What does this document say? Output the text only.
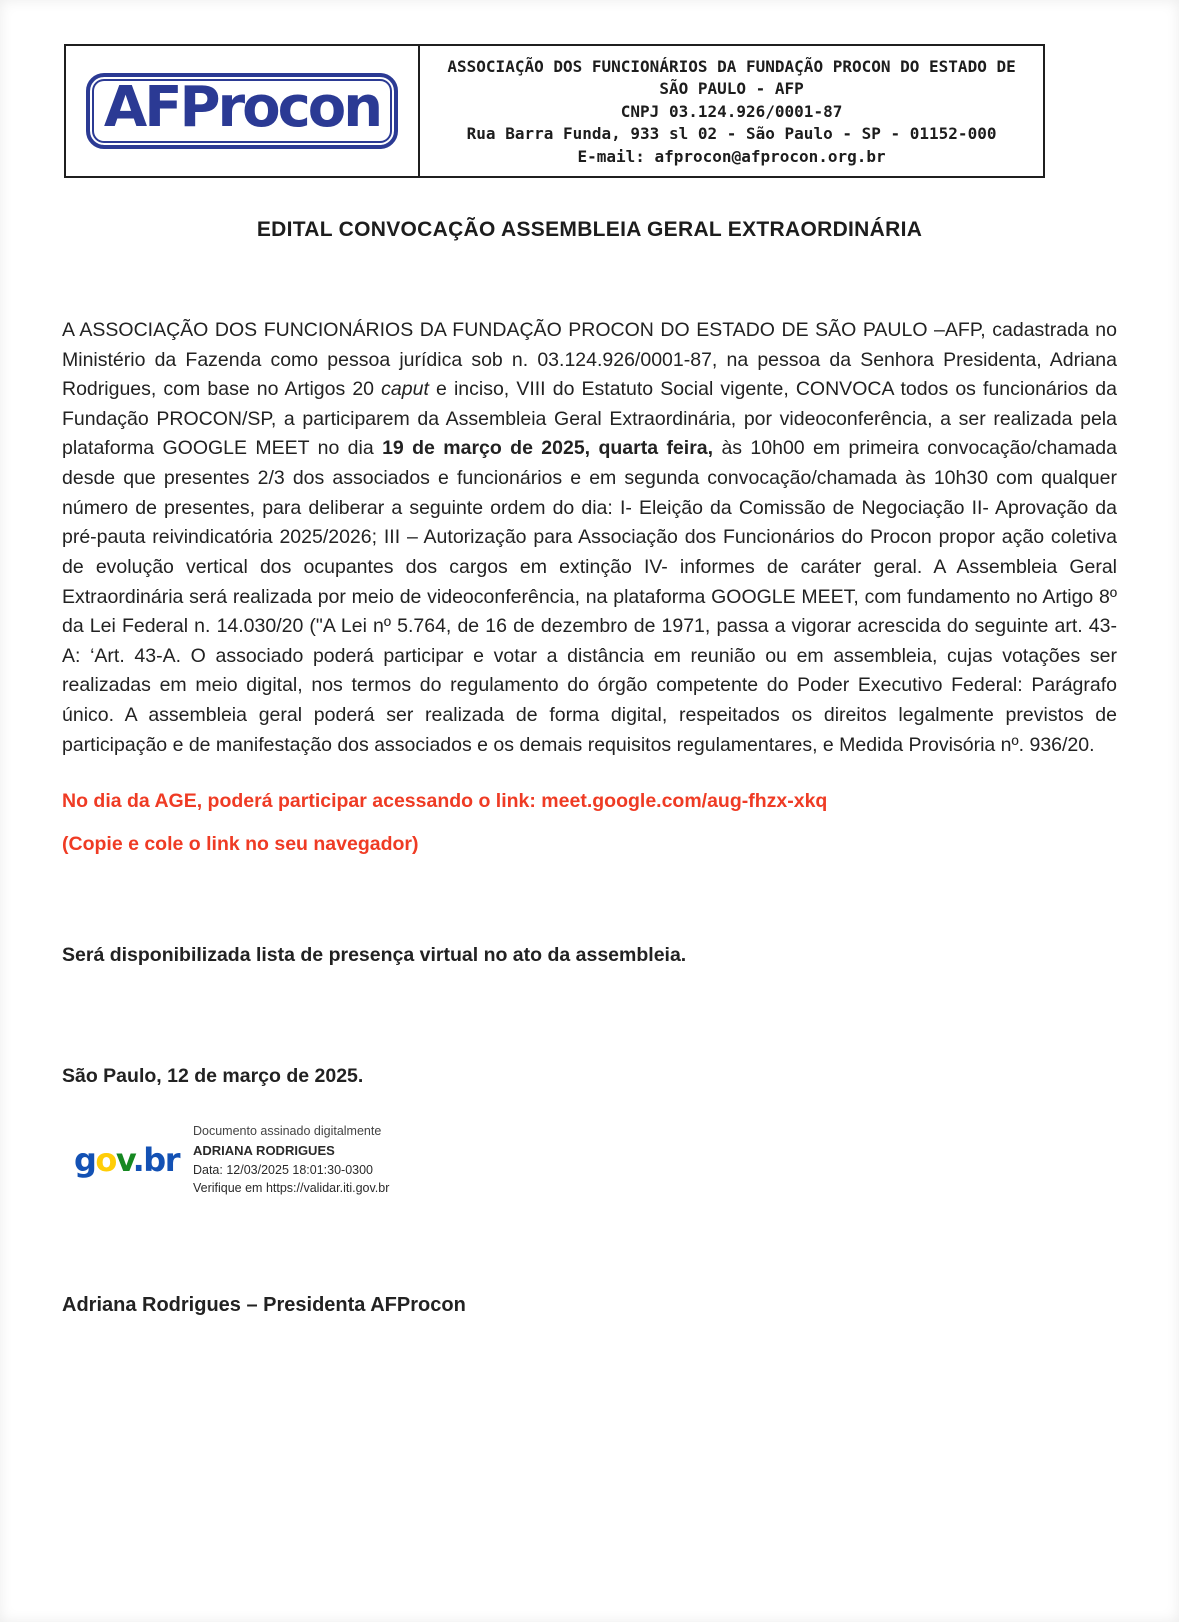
AFProcon
ASSOCIAÇÃO DOS FUNCIONÁRIOS DA FUNDAÇÃO PROCON DO ESTADO DE SÃO PAULO - AFP
CNPJ 03.124.926/0001-87
Rua Barra Funda, 933 sl 02 - São Paulo - SP - 01152-000
E-mail: afprocon@afprocon.org.br
EDITAL CONVOCAÇÃO ASSEMBLEIA GERAL EXTRAORDINÁRIA

A ASSOCIAÇÃO DOS FUNCIONÁRIOS DA FUNDAÇÃO PROCON DO ESTADO DE SÃO PAULO –AFP, cadastrada no Ministério da Fazenda como pessoa jurídica sob n. 03.124.926/0001-87, na pessoa da Senhora Presidenta, Adriana Rodrigues, com base no Artigos 20 caput e inciso, VIII do Estatuto Social vigente, CONVOCA todos os funcionários da Fundação PROCON/SP, a participarem da Assembleia Geral Extraordinária, por videoconferência, a ser realizada pela plataforma GOOGLE MEET no dia 19 de março de 2025, quarta feira, às 10h00 em primeira convocação/chamada desde que presentes 2/3 dos associados e funcionários e em segunda convocação/chamada às 10h30 com qualquer número de presentes, para deliberar a seguinte ordem do dia: I- Eleição da Comissão de Negociação II- Aprovação da pré-pauta reivindicatória 2025/2026; III – Autorização para Associação dos Funcionários do Procon propor ação coletiva de evolução vertical dos ocupantes dos cargos em extinção IV- informes de caráter geral. A Assembleia Geral Extraordinária será realizada por meio de videoconferência, na plataforma GOOGLE MEET, com fundamento no Artigo 8º da Lei Federal n. 14.030/20 ("A Lei nº 5.764, de 16 de dezembro de 1971, passa a vigorar acrescida do seguinte art. 43-A: ‘Art. 43-A. O associado poderá participar e votar a distância em reunião ou em assembleia, cujas votações ser realizadas em meio digital, nos termos do regulamento do órgão competente do Poder Executivo Federal: Parágrafo único. A assembleia geral poderá ser realizada de forma digital, respeitados os direitos legalmente previstos de participação e de manifestação dos associados e os demais requisitos regulamentares, e Medida Provisória nº. 936/20.

No dia da AGE, poderá participar acessando o link: meet.google.com/aug-fhzx-xkq
(Copie e cole o link no seu navegador)
Será disponibilizada lista de presença virtual no ato da assembleia.
São Paulo, 12 de março de 2025.
gov.br
Documento assinado digitalmente
ADRIANA RODRIGUES
Data: 12/03/2025 18:01:30-0300
Verifique em https://validar.iti.gov.br
Adriana Rodrigues – Presidenta AFProcon
